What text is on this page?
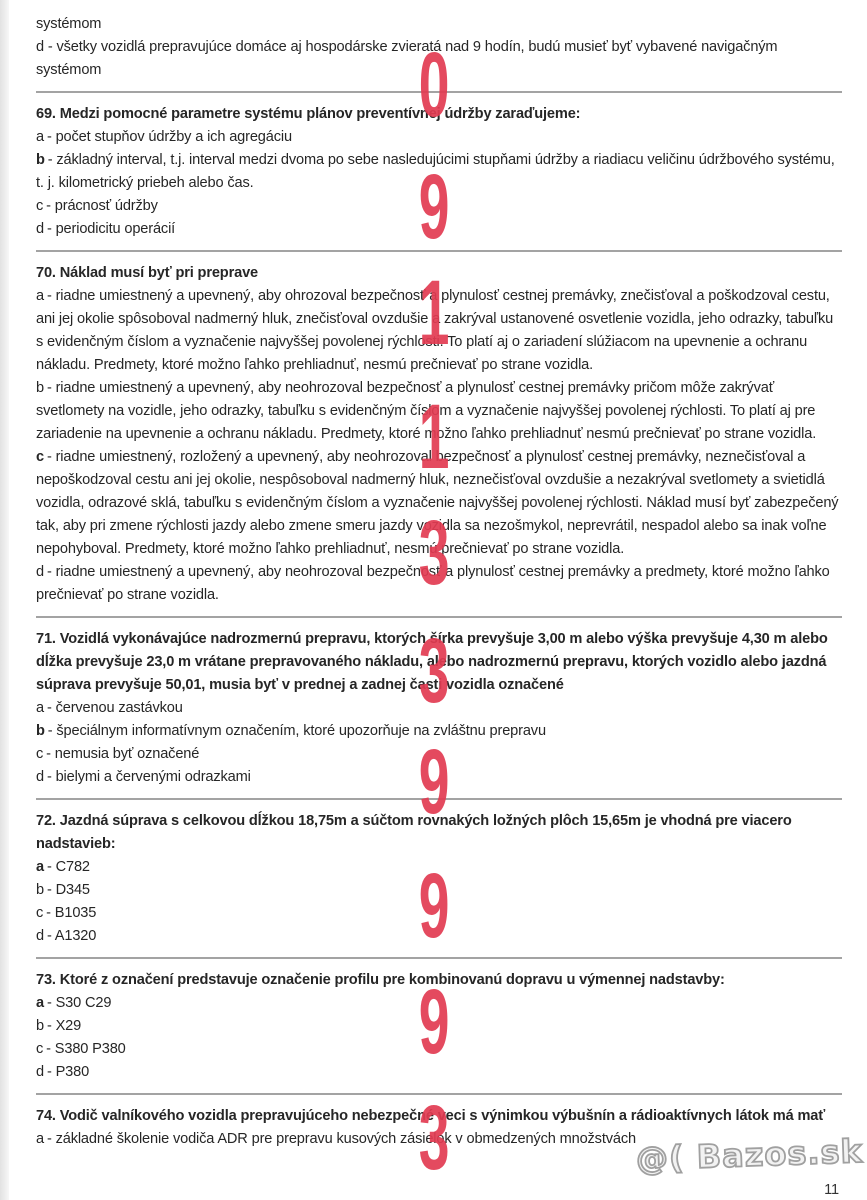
systémom

d - všetky vozidlá prepravujúce domáce aj hospodárske zvieratá nad 9 hodín, budú musieť byť vybavené navigačným systémom

69. Medzi pomocné parametre systému plánov preventívnej údržby zaraďujeme:

a - počet stupňov údržby a ich agregáciu

b - základný interval, t.j. interval medzi dvoma po sebe nasledujúcimi stupňami údržby a riadiacu veličinu údržbového systému, t. j. kilometrický priebeh alebo čas.

c - prácnosť údržby

d - periodicitu operácií

70. Náklad musí byť pri preprave

a - riadne umiestnený a upevnený, aby ohrozoval bezpečnosť a plynulosť cestnej premávky, znečisťoval a poškodzoval cestu, ani jej okolie spôsoboval nadmerný hluk, znečisťoval ovzdušie a zakrýval ustanovené osvetlenie vozidla, jeho odrazky, tabuľku s evidenčným číslom a vyznačenie najvyššej povolenej rýchlosti. To platí aj o zariadení slúžiacom na upevnenie a ochranu nákladu. Predmety, ktoré možno ľahko prehliadnuť, nesmú prečnievať po strane vozidla.

b - riadne umiestnený a upevnený, aby neohrozoval bezpečnosť a plynulosť cestnej premávky pričom môže zakrývať svetlomety na vozidle, jeho odrazky, tabuľku s evidenčným číslom a vyznačenie najvyššej povolenej rýchlosti. To platí aj pre zariadenie na upevnenie a ochranu nákladu. Predmety, ktoré možno ľahko prehliadnuť nesmú prečnievať po strane vozidla.

c - riadne umiestnený, rozložený a upevnený, aby neohrozoval bezpečnosť a plynulosť cestnej premávky, neznečisťoval a nepoškodzoval cestu ani jej okolie, nespôsoboval nadmerný hluk, neznečisťoval ovzdušie a nezakrýval svetlomety a svietidlá vozidla, odrazové sklá, tabuľku s evidenčným číslom a vyznačenie najvyššej povolenej rýchlosti. Náklad musí byť zabezpečený tak, aby pri zmene rýchlosti jazdy alebo zmene smeru jazdy vozidla sa nezošmykol, neprevrátil, nespadol alebo sa inak voľne nepohyboval. Predmety, ktoré možno ľahko prehliadnuť, nesmú prečnievať po strane vozidla.

d - riadne umiestnený a upevnený, aby neohrozoval bezpečnosť a plynulosť cestnej premávky a predmety, ktoré možno ľahko prečnievať po strane vozidla.

71. Vozidlá vykonávajúce nadrozmernú prepravu, ktorých šírka prevyšuje 3,00 m alebo výška prevyšuje 4,30 m alebo dĺžka prevyšuje 23,0 m vrátane prepravovaného nákladu, alebo nadrozmernú prepravu, ktorých vozidlo alebo jazdná súprava prevyšuje 50,01, musia byť v prednej a zadnej časti vozidla označené

a - červenou zastávkou

b - špeciálnym informatívnym označením, ktoré upozorňuje na zvláštnu prepravu

c - nemusia byť označené

d - bielymi a červenými odrazkami

72. Jazdná súprava s celkovou dĺžkou 18,75m a súčtom rovnakých ložných plôch 15,65m je vhodná pre viacero nadstavieb:

a - C782

b - D345

c - B1035

d - A1320

73. Ktoré z označení predstavuje označenie profilu pre kombinovanú dopravu u výmennej nadstavby:

a - S30 C29

b - X29

c - S380 P380

d - P380

74. Vodič valníkového vozidla prepravujúceho nebezpečné veci s výnimkou výbušnín a rádioaktívnych látok má mať

a - základné školenie vodiča ADR pre prepravu kusových zásielok v obmedzených množstvách

0
9
1
1
3
3
9
9
9
3	@( Bazos.sk
11
